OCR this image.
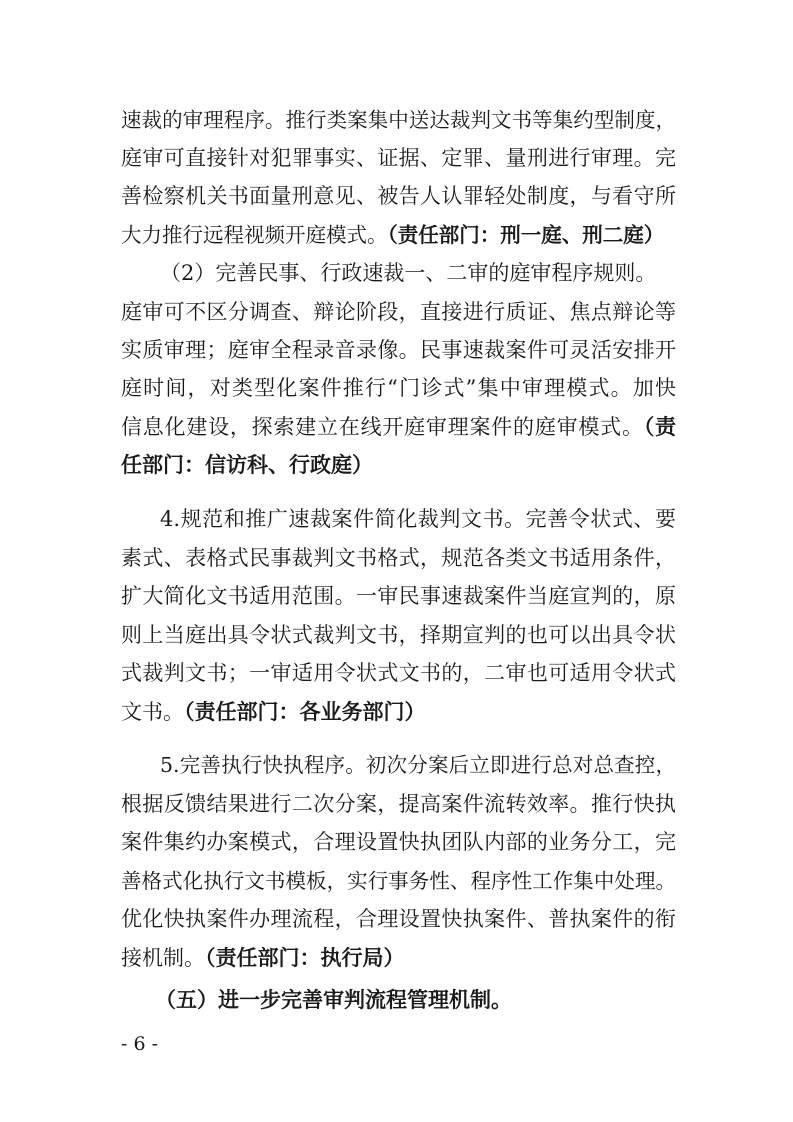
速裁的审理程序。推行类案集中送达裁判文书等集约型制度，
庭审可直接针对犯罪事实、证据、定罪、量刑进行审理。完
善检察机关书面量刑意见、被告人认罪轻处制度，与看守所
大力推行远程视频开庭模式。（责任部门：刑一庭、刑二庭）
（2）完善民事、行政速裁一、二审的庭审程序规则。
庭审可不区分调查、辩论阶段，直接进行质证、焦点辩论等
实质审理；庭审全程录音录像。民事速裁案件可灵活安排开
庭时间，对类型化案件推行“门诊式”集中审理模式。加快
信息化建设，探索建立在线开庭审理案件的庭审模式。（责
任部门：信访科、行政庭）
4.规范和推广速裁案件简化裁判文书。完善令状式、要
素式、表格式民事裁判文书格式，规范各类文书适用条件，
扩大简化文书适用范围。一审民事速裁案件当庭宣判的，原
则上当庭出具令状式裁判文书，择期宣判的也可以出具令状
式裁判文书；一审适用令状式文书的，二审也可适用令状式
文书。（责任部门：各业务部门）
5.完善执行快执程序。初次分案后立即进行总对总查控，
根据反馈结果进行二次分案，提高案件流转效率。推行快执
案件集约办案模式，合理设置快执团队内部的业务分工，完
善格式化执行文书模板，实行事务性、程序性工作集中处理。
优化快执案件办理流程，合理设置快执案件、普执案件的衔
接机制。（责任部门：执行局）
（五）进一步完善审判流程管理机制。
- 6 -
